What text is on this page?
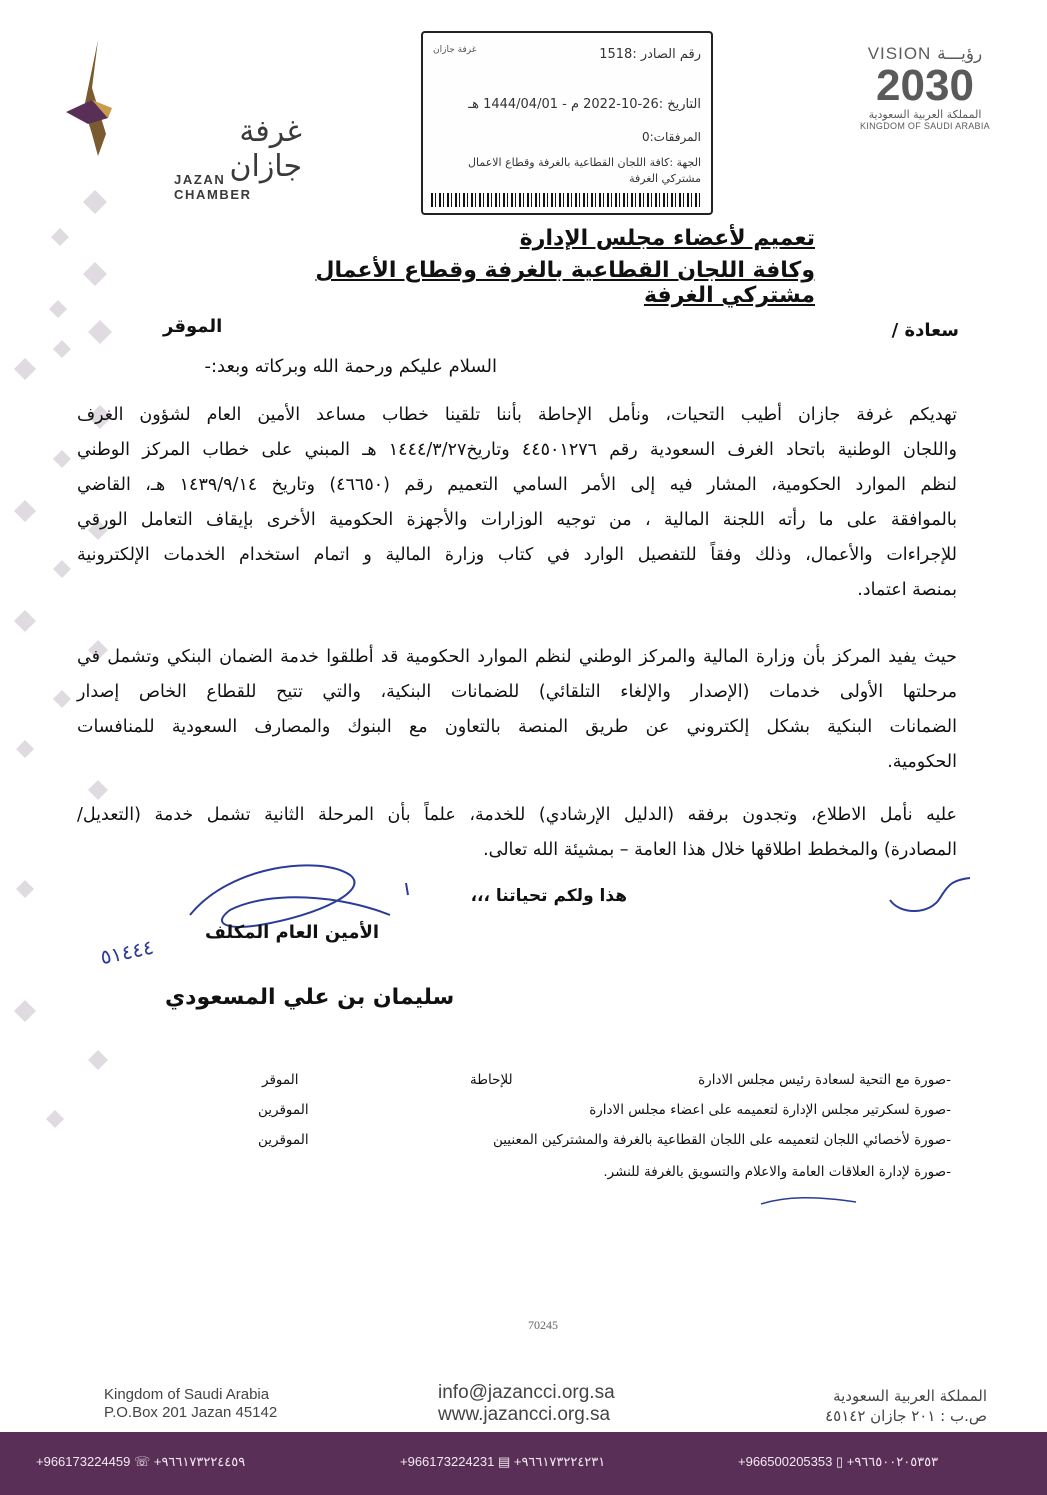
غرفة جازان
JAZAN CHAMBER
غرفة جازان	رقم الصادر :1518
التاريخ :26-10-2022 م - 1444/04/01 هـ
المرفقات:0
الجهة :كافة اللجان القطاعية بالغرفة وقطاع الاعمال مشتركي الغرفة
VISION رؤيـــة
2030
المملكة العربية السعودية
KINGDOM OF SAUDI ARABIA
تعميم لأعضاء مجلس الإدارة
وكافة اللجان القطاعية بالغرفة وقطاع الأعمال مشتركي الغرفة
سعادة /
الموقر
السلام عليكم ورحمة الله وبركاته وبعد:-
تهديكم غرفة جازان أطيب التحيات، ونأمل الإحاطة بأننا تلقينا خطاب مساعد الأمين العام لشؤون الغرف
واللجان الوطنية باتحاد الغرف السعودية رقم ٤٤٥٠١٢٧٦ وتاريخ١٤٤٤/٣/٢٧ هـ المبني على خطاب المركز الوطني
لنظم الموارد الحكومية، المشار فيه إلى الأمر السامي التعميم رقم (٤٦٦٥٠) وتاريخ ١٤٣٩/٩/١٤ هـ، القاضي
بالموافقة على ما رأته اللجنة المالية ، من توجيه الوزارات والأجهزة الحكومية الأخرى بإيقاف التعامل الورقي
للإجراءات والأعمال، وذلك وفقاً للتفصيل الوارد في كتاب وزارة المالية و اتمام استخدام الخدمات الإلكترونية
بمنصة اعتماد.
حيث يفيد المركز بأن وزارة المالية والمركز الوطني لنظم الموارد الحكومية قد أطلقوا خدمة الضمان البنكي وتشمل في
مرحلتها الأولى خدمات (الإصدار والإلغاء التلقائي) للضمانات البنكية، والتي تتيح للقطاع الخاص إصدار
الضمانات البنكية بشكل إلكتروني عن طريق المنصة بالتعاون مع البنوك والمصارف السعودية للمنافسات
الحكومية.
عليه نأمل الاطلاع، وتجدون برفقه (الدليل الإرشادي) للخدمة، علماً بأن المرحلة الثانية تشمل خدمة (التعديل/
المصادرة) والمخطط اطلاقها خلال هذا العامة – بمشيئة الله تعالى.
هذا ولكم تحياتنا ،،،
٥١٤٤٤
الأمين العام المكلف
سليمان بن علي المسعودي
للإحاطة	-صورة مع التحية لسعادة رئيس مجلس الادارة
الموقر
-صورة لسكرتير مجلس الإدارة لتعميمه على اعضاء مجلس الادارة
الموقرين
-صورة لأخصائي اللجان لتعميمه على اللجان القطاعية بالغرفة والمشتركين المعنيين
الموقرين
-صورة لإدارة العلاقات العامة والاعلام والتسويق بالغرفة للنشر.
70245
Kingdom of Saudi Arabia
P.O.Box 201 Jazan 45142
info@jazancci.org.sa
www.jazancci.org.sa
المملكة العربية السعودية
ص.ب : ٢٠١ جازان ٤٥١٤٢
+966173224459 ☏ +٩٦٦١٧٣٢٢٤٤٥٩	+966173224231 ▤ +٩٦٦١٧٣٢٢٤٢٣١	+966500205353 ▯ +٩٦٦٥٠٠٢٠٥٣٥٣
